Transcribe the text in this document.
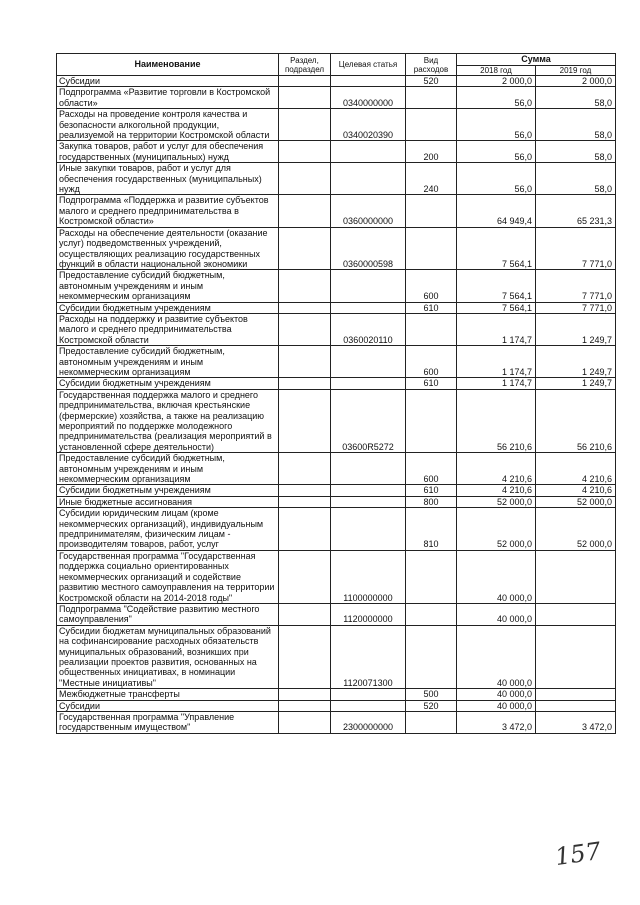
Наименование	Раздел, подраздел	Целевая статья	Вид расходов	Сумма	
				2018 год	2019 год
Субсидии			520	2 000,0	2 000,0
Подпрограмма «Развитие торговли в Костромской области»		0340000000		56,0	58,0
Расходы на проведение контроля качества и безопасности алкогольной продукции, реализуемой на территории Костромской области		0340020390		56,0	58,0
Закупка товаров, работ и услуг для обеспечения государственных (муниципальных) нужд			200	56,0	58,0
Иные закупки товаров, работ и услуг для обеспечения государственных (муниципальных) нужд			240	56,0	58,0
Подпрограмма «Поддержка и развитие субъектов малого и среднего предпринимательства в Костромской области»		0360000000		64 949,4	65 231,3
Расходы на обеспечение деятельности (оказание услуг) подведомственных учреждений, осуществляющих реализацию государственных функций в области национальной экономики		0360000598		7 564,1	7 771,0
Предоставление субсидий бюджетным, автономным учреждениям и иным некоммерческим организациям			600	7 564,1	7 771,0
Субсидии бюджетным учреждениям			610	7 564,1	7 771,0
Расходы на поддержку и развитие субъектов малого и среднего предпринимательства Костромской области		0360020110		1 174,7	1 249,7
Предоставление субсидий бюджетным, автономным учреждениям и иным некоммерческим организациям			600	1 174,7	1 249,7
Субсидии бюджетным учреждениям			610	1 174,7	1 249,7
Государственная поддержка малого и среднего предпринимательства, включая крестьянские (фермерские) хозяйства, а также на реализацию мероприятий по поддержке молодежного предпринимательства (реализация мероприятий в установленной сфере деятельности)		03600R5272		56 210,6	56 210,6
Предоставление субсидий бюджетным, автономным учреждениям и иным некоммерческим организациям			600	4 210,6	4 210,6
Субсидии бюджетным учреждениям			610	4 210,6	4 210,6
Иные бюджетные ассигнования			800	52 000,0	52 000,0
Субсидии юридическим лицам (кроме некоммерческих организаций), индивидуальным предпринимателям, физическим лицам - производителям товаров, работ, услуг			810	52 000,0	52 000,0
Государственная программа "Государственная поддержка социально ориентированных некоммерческих организаций и содействие развитию местного самоуправления на территории Костромской области на 2014-2018 годы"		1100000000		40 000,0	
Подпрограмма "Содействие развитию местного самоуправления"		1120000000		40 000,0	
Субсидии бюджетам муниципальных образований на софинансирование расходных обязательств муниципальных образований, возникших при реализации проектов развития, основанных на общественных инициативах, в номинации "Местные инициативы"		1120071300		40 000,0	
Межбюджетные трансферты			500	40 000,0	
Субсидии			520	40 000,0	
Государственная программа "Управление государственным имуществом"		2300000000		3 472,0	3 472,0
157
